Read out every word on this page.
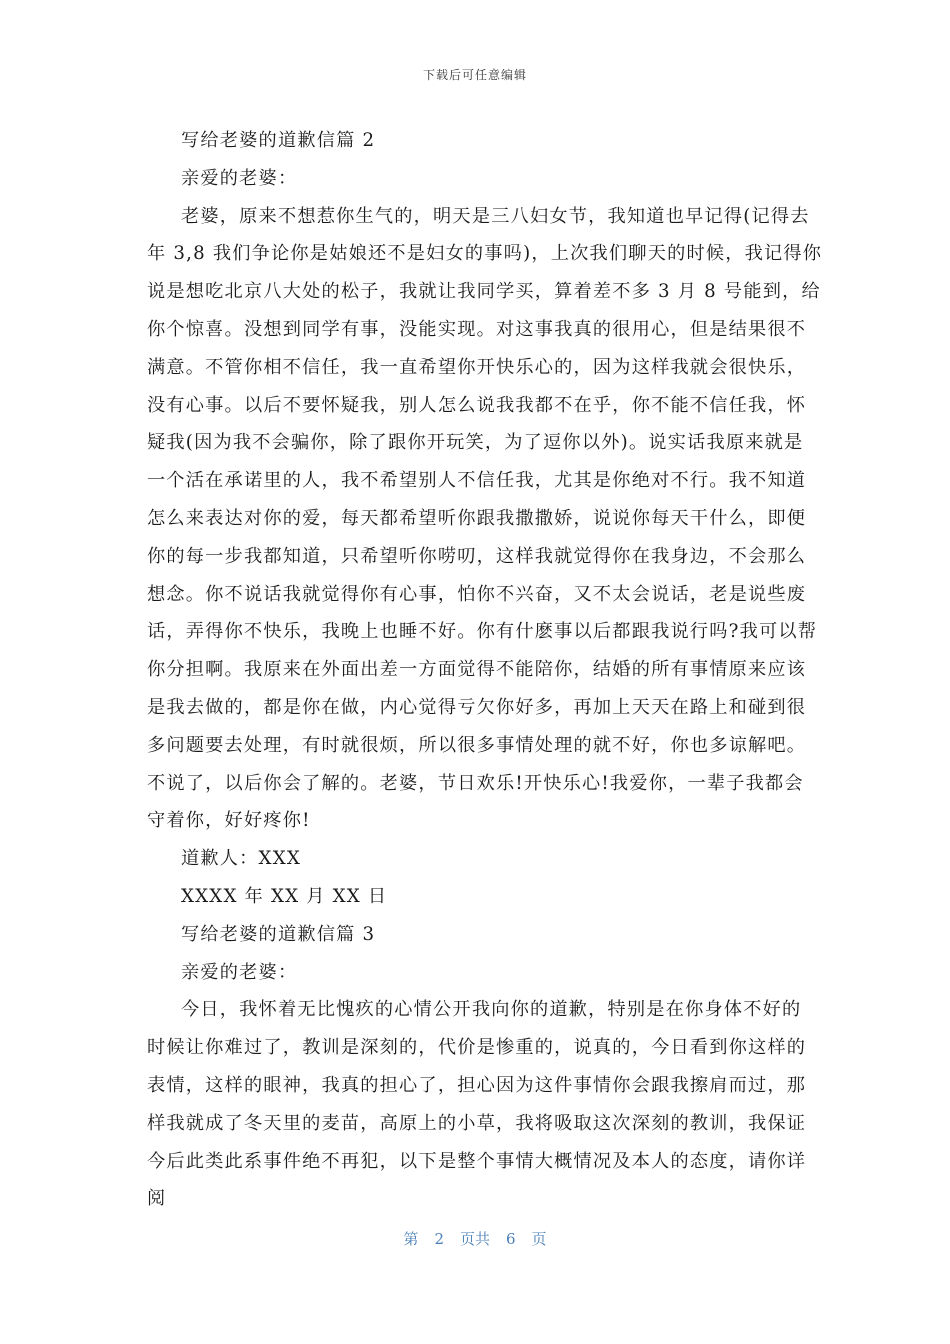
下载后可任意编辑
写给老婆的道歉信篇 2
亲爱的老婆：
老婆，原来不想惹你生气的，明天是三八妇女节，我知道也早记得(记得去
年 3,8 我们争论你是姑娘还不是妇女的事吗)，上次我们聊天的时候，我记得你
说是想吃北京八大处的松子，我就让我同学买，算着差不多 3 月 8 号能到，给
你个惊喜。没想到同学有事，没能实现。对这事我真的很用心，但是结果很不
满意。不管你相不信任，我一直希望你开快乐心的，因为这样我就会很快乐，
没有心事。以后不要怀疑我，别人怎么说我我都不在乎，你不能不信任我，怀
疑我(因为我不会骗你，除了跟你开玩笑，为了逗你以外)。说实话我原来就是
一个活在承诺里的人，我不希望别人不信任我，尤其是你绝对不行。我不知道
怎么来表达对你的爱，每天都希望听你跟我撒撒娇，说说你每天干什么，即便
你的每一步我都知道，只希望听你唠叨，这样我就觉得你在我身边，不会那么
想念。你不说话我就觉得你有心事，怕你不兴奋，又不太会说话，老是说些废
话，弄得你不快乐，我晚上也睡不好。你有什麽事以后都跟我说行吗?我可以帮
你分担啊。我原来在外面出差一方面觉得不能陪你，结婚的所有事情原来应该
是我去做的，都是你在做，内心觉得亏欠你好多，再加上天天在路上和碰到很
多问题要去处理，有时就很烦，所以很多事情处理的就不好，你也多谅解吧。
不说了，以后你会了解的。老婆，节日欢乐!开快乐心!我爱你，一辈子我都会
守着你，好好疼你!
道歉人：XXX
XXXX 年 XX 月 XX 日
写给老婆的道歉信篇 3
亲爱的老婆：
今日，我怀着无比愧疚的心情公开我向你的道歉，特别是在你身体不好的
时候让你难过了，教训是深刻的，代价是惨重的，说真的，今日看到你这样的
表情，这样的眼神，我真的担心了，担心因为这件事情你会跟我擦肩而过，那
样我就成了冬天里的麦苗，高原上的小草，我将吸取这次深刻的教训，我保证
今后此类此系事件绝不再犯，以下是整个事情大概情况及本人的态度，请你详
阅
第 2 页共 6 页
